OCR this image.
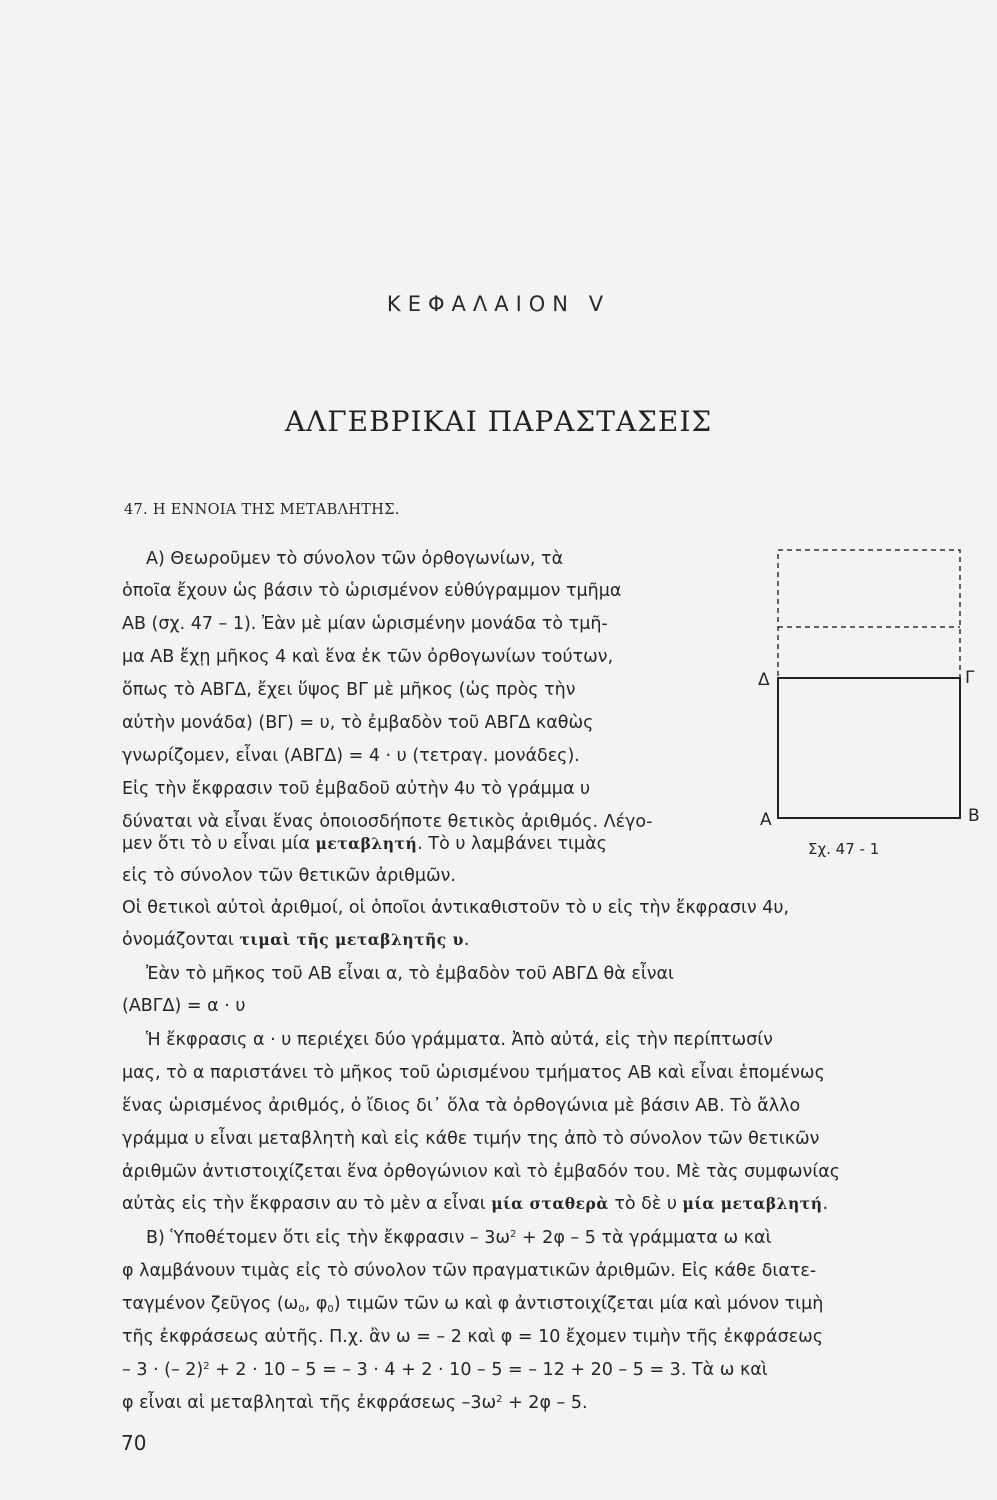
ΚΕΦΑΛΑΙΟΝ V
ΑΛΓΕΒΡΙΚΑΙ ΠΑΡΑΣΤΑΣΕΙΣ
47. Η ΕΝΝΟΙΑ ΤΗΣ ΜΕΤΑΒΛΗΤΗΣ.
Α) Θεωροῦμεν τὸ σύνολον τῶν ὀρθογωνίων, τὰ
ὁποῖα ἔχουν ὡς βάσιν τὸ ὡρισμένον εὐθύγραμμον τμῆμα
ΑΒ (σχ. 47 – 1). Ἐὰν μὲ μίαν ὡρισμένην μονάδα τὸ τμῆ-
μα ΑΒ ἔχῃ μῆκος 4 καὶ ἕνα ἐκ τῶν ὀρθογωνίων τούτων,
ὅπως τὸ ΑΒΓΔ, ἔχει ὕψος ΒΓ μὲ μῆκος (ὡς πρὸς τὴν
αὐτὴν μονάδα) (ΒΓ) = υ, τὸ ἐμβαδὸν τοῦ ΑΒΓΔ καθὼς
γνωρίζομεν, εἶναι (ΑΒΓΔ) = 4 · υ (τετραγ. μονάδες).
Εἰς τὴν ἔκφρασιν τοῦ ἐμβαδοῦ αὐτὴν 4υ τὸ γράμμα υ
δύναται νὰ εἶναι ἕνας ὁποιοσδήποτε θετικὸς ἀριθμός. Λέγο-
μεν ὅτι τὸ υ εἶναι μία μεταβλητή. Τὸ υ λαμβάνει τιμὰς
εἰς τὸ σύνολον τῶν θετικῶν ἀριθμῶν.
Οἱ θετικοὶ αὐτοὶ ἀριθμοί, οἱ ὁποῖοι ἀντικαθιστοῦν τὸ υ εἰς τὴν ἔκφρασιν 4υ,
ὀνομάζονται τιμαὶ τῆς μεταβλητῆς υ.
Ἐὰν τὸ μῆκος τοῦ ΑΒ εἶναι α, τὸ ἐμβαδὸν τοῦ ΑΒΓΔ θὰ εἶναι
(ΑΒΓΔ) = α · υ
Ἡ ἔκφρασις α · υ περιέχει δύο γράμματα. Ἀπὸ αὐτά, εἰς τὴν περίπτωσίν
μας, τὸ α παριστάνει τὸ μῆκος τοῦ ὡρισμένου τμήματος ΑΒ καὶ εἶναι ἑπομένως
ἕνας ὡρισμένος ἀριθμός, ὁ ἴδιος δι᾿ ὅλα τὰ ὀρθογώνια μὲ βάσιν ΑΒ. Τὸ ἄλλο
γράμμα υ εἶναι μεταβλητὴ καὶ εἰς κάθε τιμήν της ἀπὸ τὸ σύνολον τῶν θετικῶν
ἀριθμῶν ἀντιστοιχίζεται ἕνα ὀρθογώνιον καὶ τὸ ἐμβαδόν του. Μὲ τὰς συμφωνίας
αὐτὰς εἰς τὴν ἔκφρασιν αυ τὸ μὲν α εἶναι μία σταθερὰ τὸ δὲ υ μία μεταβλητή.
Β) Ὑποθέτομεν ὅτι εἰς τὴν ἔκφρασιν – $3\omega^2 + 2\varphi - 5$ τὰ γράμματα ω καὶ
φ λαμβάνουν τιμὰς εἰς τὸ σύνολον τῶν πραγματικῶν ἀριθμῶν. Εἰς κάθε διατε-
ταγμένον ζεῦγος ($\omega_0$, $\varphi_0$) τιμῶν τῶν ω καὶ φ ἀντιστοιχίζεται μία καὶ μόνον τιμὴ
τῆς ἐκφράσεως αὐτῆς. Π.χ. ἂν ω = – 2 καὶ φ = 10 ἔχομεν τιμὴν τῆς ἐκφράσεως
– 3 · (– 2)$^2$ + 2 · 10 – 5 = – 3 · 4 + 2 · 10 – 5 = – 12 + 20 – 5 = 3. Τὰ ω καὶ
φ εἶναι αἱ μεταβληταὶ τῆς ἐκφράσεως $-3\omega^2 + 2\varphi - 5$.
Δ	Γ
Α	Β
Σχ. 47 - 1
70
